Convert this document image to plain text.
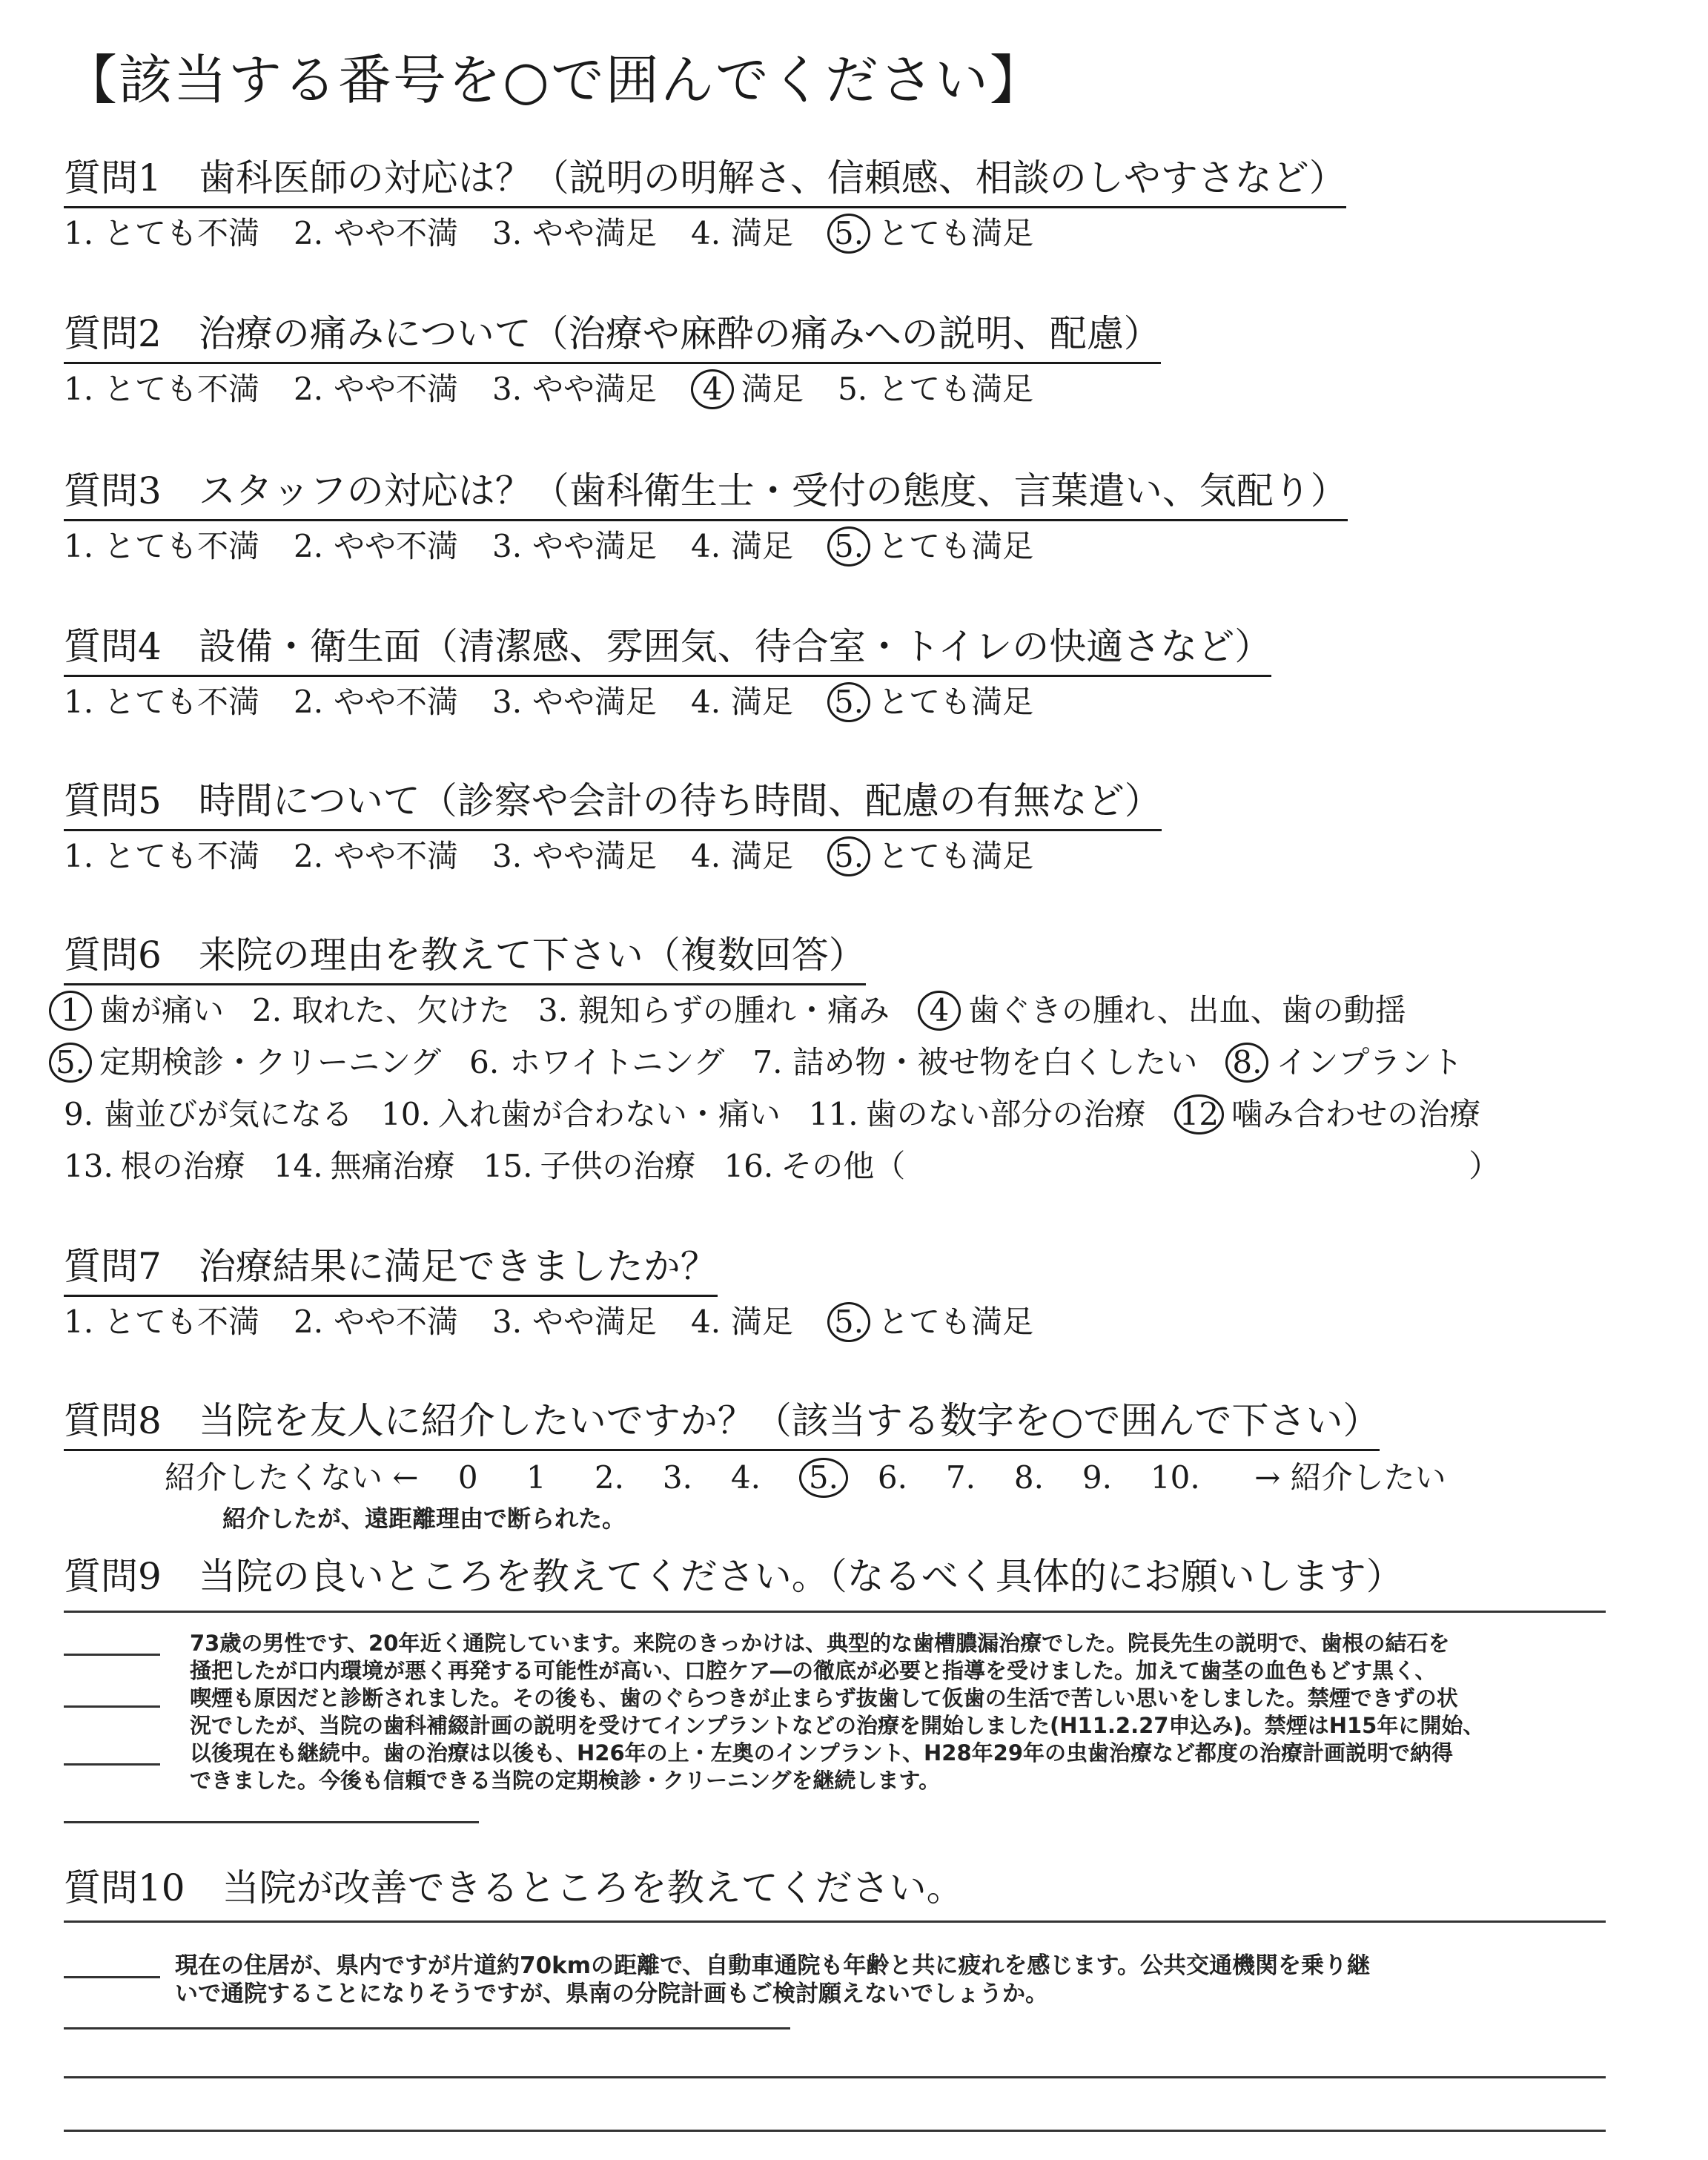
【該当する番号を○で囲んでください】
質問1　 歯科医師の対応は？（説明の明解さ、信頼感、相談のしやすさなど）
1. とても不満 2. やや不満 3. やや満足 4. 満足 5. とても満足
質問2　 治療の痛みについて（治療や麻酔の痛みへの説明、配慮）
1. とても不満 2. やや不満 3. やや満足 4 満足 5. とても満足
質問3　 スタッフの対応は？（歯科衛生士・受付の態度、言葉遣い、気配り）
1. とても不満 2. やや不満 3. やや満足 4. 満足 5. とても満足
質問4　 設備・衛生面（清潔感、雰囲気、待合室・トイレの快適さなど）
1. とても不満 2. やや不満 3. やや満足 4. 満足 5. とても満足
質問5　 時間について（診察や会計の待ち時間、配慮の有無など）
1. とても不満 2. やや不満 3. やや満足 4. 満足 5. とても満足
質問6　 来院の理由を教えて下さい（複数回答）
1 歯が痛い 2. 取れた、欠けた 3. 親知らずの腫れ・痛み 4 歯ぐきの腫れ、出血、歯の動揺
5. 定期検診・クリーニング 6. ホワイトニング 7. 詰め物・被せ物を白くしたい 8. インプラント
9. 歯並びが気になる 10. 入れ歯が合わない・痛い 11. 歯のない部分の治療 12 噛み合わせの治療
13. 根の治療 14. 無痛治療 15. 子供の治療 16. その他（	）
質問7　 治療結果に満足できましたか？
1. とても不満 2. やや不満 3. やや満足 4. 満足 5. とても満足
質問8　 当院を友人に紹介したいですか？（該当する数字を○で囲んで下さい）
紹介したくない ← 0 1 2. 3. 4. 5. 6. 7. 8. 9. 10. → 紹介したい
紹介したが、遠距離理由で断られた。
質問9　 当院の良いところを教えてください。（なるべく具体的にお願いします）
73歳の男性です、20年近く通院しています。来院のきっかけは、典型的な歯槽膿漏治療でした。院長先生の説明で、歯根の結石を
掻把したが口内環境が悪く再発する可能性が高い、口腔ケア―の徹底が必要と指導を受けました。加えて歯茎の血色もどす黒く、
喫煙も原因だと診断されました。その後も、歯のぐらつきが止まらず抜歯して仮歯の生活で苦しい思いをしました。禁煙できずの状
況でしたが、当院の歯科補綴計画の説明を受けてインプラントなどの治療を開始しました(H11.2.27申込み)。禁煙はH15年に開始、
以後現在も継続中。歯の治療は以後も、H26年の上・左奥のインプラント、H28年29年の虫歯治療など都度の治療計画説明で納得
できました。今後も信頼できる当院の定期検診・クリーニングを継続します。
質問10　 当院が改善できるところを教えてください。
現在の住居が、県内ですが片道約70kmの距離で、自動車通院も年齢と共に疲れを感じます。公共交通機関を乗り継
いで通院することになりそうですが、県南の分院計画もご検討願えないでしょうか。
